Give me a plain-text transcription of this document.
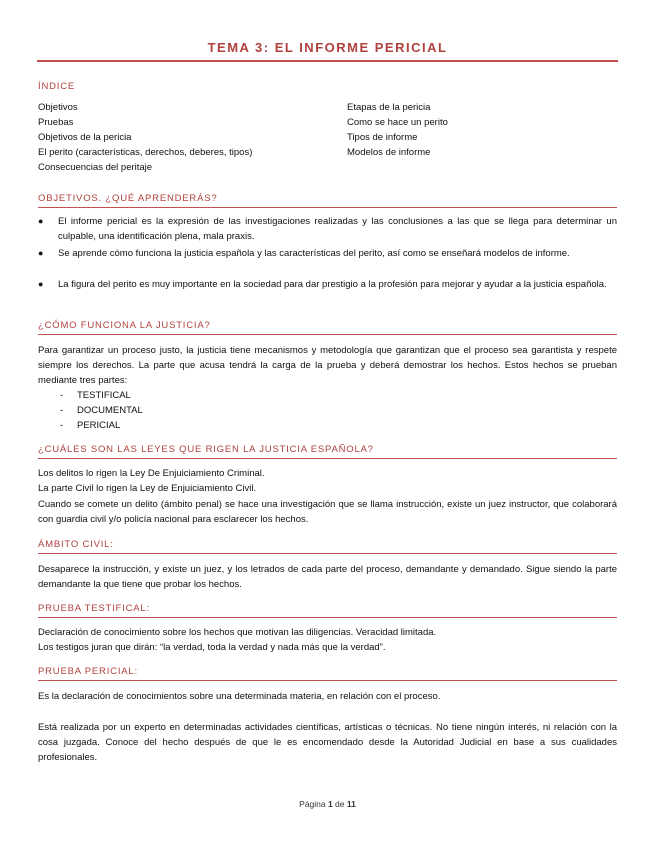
TEMA 3: EL INFORME PERICIAL
ÍNDICE
Objetivos
Pruebas
Objetivos de la pericia
El perito (características, derechos, deberes, tipos)
Consecuencias del peritaje
Etapas de la pericia
Como se hace un perito
Tipos de informe
Modelos de informe
OBJETIVOS. ¿QUÉ APRENDERÁS?
● El informe pericial es la expresión de las investigaciones realizadas y las conclusiones a las que se llega para determinar un culpable, una identificación plena, mala praxis.
● Se aprende cómo funciona la justicia española y las características del perito, así como se enseñará modelos de informe.
● La figura del perito es muy importante en la sociedad para dar prestigio a la profesión para mejorar y ayudar a la justicia española.
¿CÓMO FUNCIONA LA JUSTICIA?
Para garantizar un proceso justo, la justicia tiene mecanismos y metodología que garantizan que el proceso sea garantista y respete siempre los derechos. La parte que acusa tendrá la carga de la prueba y deberá demostrar los hechos. Estos hechos se prueban mediante tres partes:
- TESTIFICAL
- DOCUMENTAL
- PERICIAL
¿CUÁLES SON LAS LEYES QUE RIGEN LA JUSTICIA ESPAÑOLA?
Los delitos lo rigen la Ley De Enjuiciamiento Criminal.
La parte Civil lo rigen la Ley de Enjuiciamiento Civil.
Cuando se comete un delito (ámbito penal) se hace una investigación que se llama instrucción, existe un juez instructor, que colaborará con guardia civil y/o policía nacional para esclarecer los hechos.
ÁMBITO CIVIL:
Desaparece la instrucción, y existe un juez, y los letrados de cada parte del proceso, demandante y demandado. Sigue siendo la parte demandante la que tiene que probar los hechos.
PRUEBA TESTIFICAL:
Declaración de conocimiento sobre los hechos que motivan las diligencias. Veracidad limitada.
Los testigos juran que dirán: “la verdad, toda la verdad y nada más que la verdad”.
PRUEBA PERICIAL:
Es la declaración de conocimientos sobre una determinada materia, en relación con el proceso.
Está realizada por un experto en determinadas actividades científicas, artísticas o técnicas. No tiene ningún interés, ni relación con la cosa juzgada. Conoce del hecho después de que le es encomendado desde la Autoridad Judicial en base a sus cualidades profesionales.
Página 1 de 11
